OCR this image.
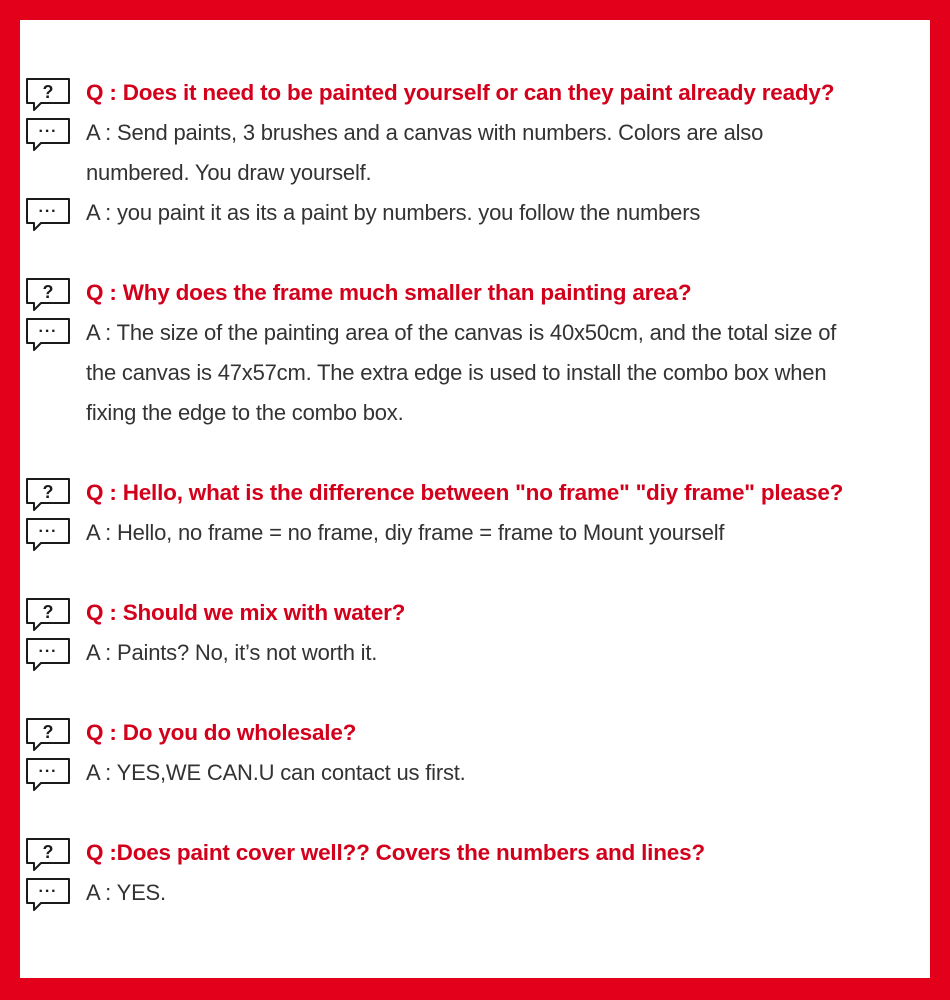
? Q : Does it need to be painted yourself or can they paint already ready?
··· A : Send paints, 3 brushes and a canvas with numbers. Colors are also
numbered. You draw yourself.
··· A : you paint it as its a paint by numbers. you follow the numbers
? Q : Why does the frame much smaller than painting area?
··· A : The size of the painting area of the canvas is 40x50cm, and the total size of
the canvas is 47x57cm. The extra edge is used to install the combo box when
fixing the edge to the combo box.
? Q : Hello, what is the difference between "no frame" "diy frame" please?
··· A : Hello, no frame = no frame, diy frame = frame to Mount yourself
? Q : Should we mix with water?
··· A : Paints? No, it’s not worth it.
? Q : Do you do wholesale?
··· A : YES,WE CAN.U can contact us first.
? Q :Does paint cover well?? Covers the numbers and lines?
··· A : YES.
